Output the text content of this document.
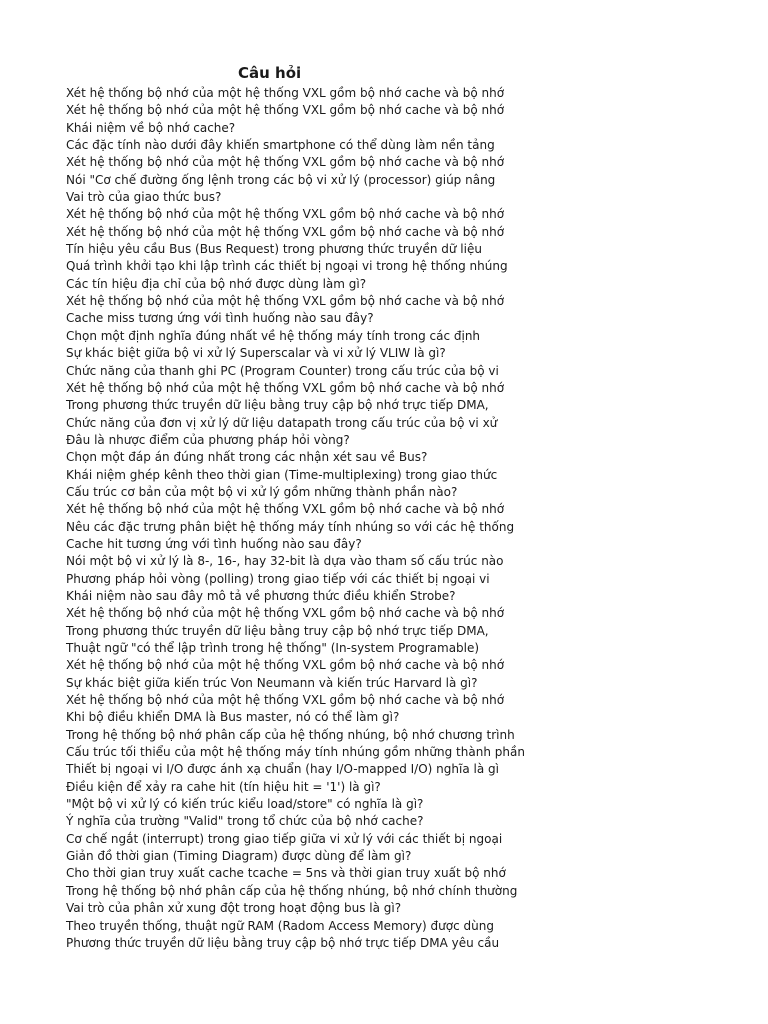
Câu hỏi
Xét hệ thống bộ nhớ của một hệ thống VXL gồm bộ nhớ cache và bộ nhớ
Xét hệ thống bộ nhớ của một hệ thống VXL gồm bộ nhớ cache và bộ nhớ
Khái niệm về bộ nhớ cache?
Các đặc tính nào dưới đây khiến smartphone có thể dùng làm nền tảng
Xét hệ thống bộ nhớ của một hệ thống VXL gồm bộ nhớ cache và bộ nhớ
Nói "Cơ chế đường ống lệnh trong các bộ vi xử lý (processor) giúp nâng
Vai trò của giao thức bus?
Xét hệ thống bộ nhớ của một hệ thống VXL gồm bộ nhớ cache và bộ nhớ
Xét hệ thống bộ nhớ của một hệ thống VXL gồm bộ nhớ cache và bộ nhớ
Tín hiệu yêu cầu Bus (Bus Request) trong phương thức truyền dữ liệu
Quá trình khởi tạo khi lập trình các thiết bị ngoại vi trong hệ thống nhúng
Các tín hiệu địa chỉ của bộ nhớ được dùng làm gì?
Xét hệ thống bộ nhớ của một hệ thống VXL gồm bộ nhớ cache và bộ nhớ
Cache miss tương ứng với tình huống nào sau đây?
Chọn một định nghĩa đúng nhất về hệ thống máy tính trong các định
Sự khác biệt giữa bộ vi xử lý Superscalar và vi xử lý VLIW là gì?
Chức năng của thanh ghi PC (Program Counter) trong cấu trúc của bộ vi
Xét hệ thống bộ nhớ của một hệ thống VXL gồm bộ nhớ cache và bộ nhớ
Trong phương thức truyền dữ liệu bằng truy cập bộ nhớ trực tiếp DMA,
Chức năng của đơn vị xử lý dữ liệu datapath trong cấu trúc của bộ vi xử
Đâu là nhược điểm của phương pháp hỏi vòng?
Chọn một đáp án đúng nhất trong các nhận xét sau về Bus?
Khái niệm ghép kênh theo thời gian (Time-multiplexing) trong giao thức
Cấu trúc cơ bản của một bộ vi xử lý gồm những thành phần nào?
Xét hệ thống bộ nhớ của một hệ thống VXL gồm bộ nhớ cache và bộ nhớ
Nêu các đặc trưng phân biệt hệ thống máy tính nhúng so với các hệ thống
Cache hit tương ứng với tình huống nào sau đây?
Nói một bộ vi xử lý là 8-, 16-, hay 32-bit là dựa vào tham số cấu trúc nào
Phương pháp hỏi vòng (polling) trong giao tiếp với các thiết bị ngoại vi
Khái niệm nào sau đây mô tả về phương thức điều khiển Strobe?
Xét hệ thống bộ nhớ của một hệ thống VXL gồm bộ nhớ cache và bộ nhớ
Trong phương thức truyền dữ liệu bằng truy cập bộ nhớ trực tiếp DMA,
Thuật ngữ "có thể lập trình trong hệ thống" (In-system Programable)
Xét hệ thống bộ nhớ của một hệ thống VXL gồm bộ nhớ cache và bộ nhớ
Sự khác biệt giữa kiến trúc Von Neumann và kiến trúc Harvard là gì?
Xét hệ thống bộ nhớ của một hệ thống VXL gồm bộ nhớ cache và bộ nhớ
Khi bộ điều khiển DMA là Bus master, nó có thể làm gì?
Trong hệ thống bộ nhớ phân cấp của hệ thống nhúng, bộ nhớ chương trình
Cấu trúc tối thiểu của một hệ thống máy tính nhúng gồm những thành phần
Thiết bị ngoại vi I/O được ánh xạ chuẩn (hay I/O-mapped I/O) nghĩa là gì
Điều kiện để xảy ra cahe hit (tín hiệu hit = '1') là gì?
"Một bộ vi xử lý có kiến trúc kiểu load/store" có nghĩa là gì?
Ý nghĩa của trường "Valid" trong tổ chức của bộ nhớ cache?
Cơ chế ngắt (interrupt) trong giao tiếp giữa vi xử lý với các thiết bị ngoại
Giản đồ thời gian (Timing Diagram) được dùng để làm gì?
Cho thời gian truy xuất cache tcache = 5ns và thời gian truy xuất bộ nhớ
Trong hệ thống bộ nhớ phân cấp của hệ thống nhúng, bộ nhớ chính thường
Vai trò của phân xử xung đột trong hoạt động bus là gì?
Theo truyền thống, thuật ngữ RAM (Radom Access Memory) được dùng
Phương thức truyền dữ liệu bằng truy cập bộ nhớ trực tiếp DMA yêu cầu
